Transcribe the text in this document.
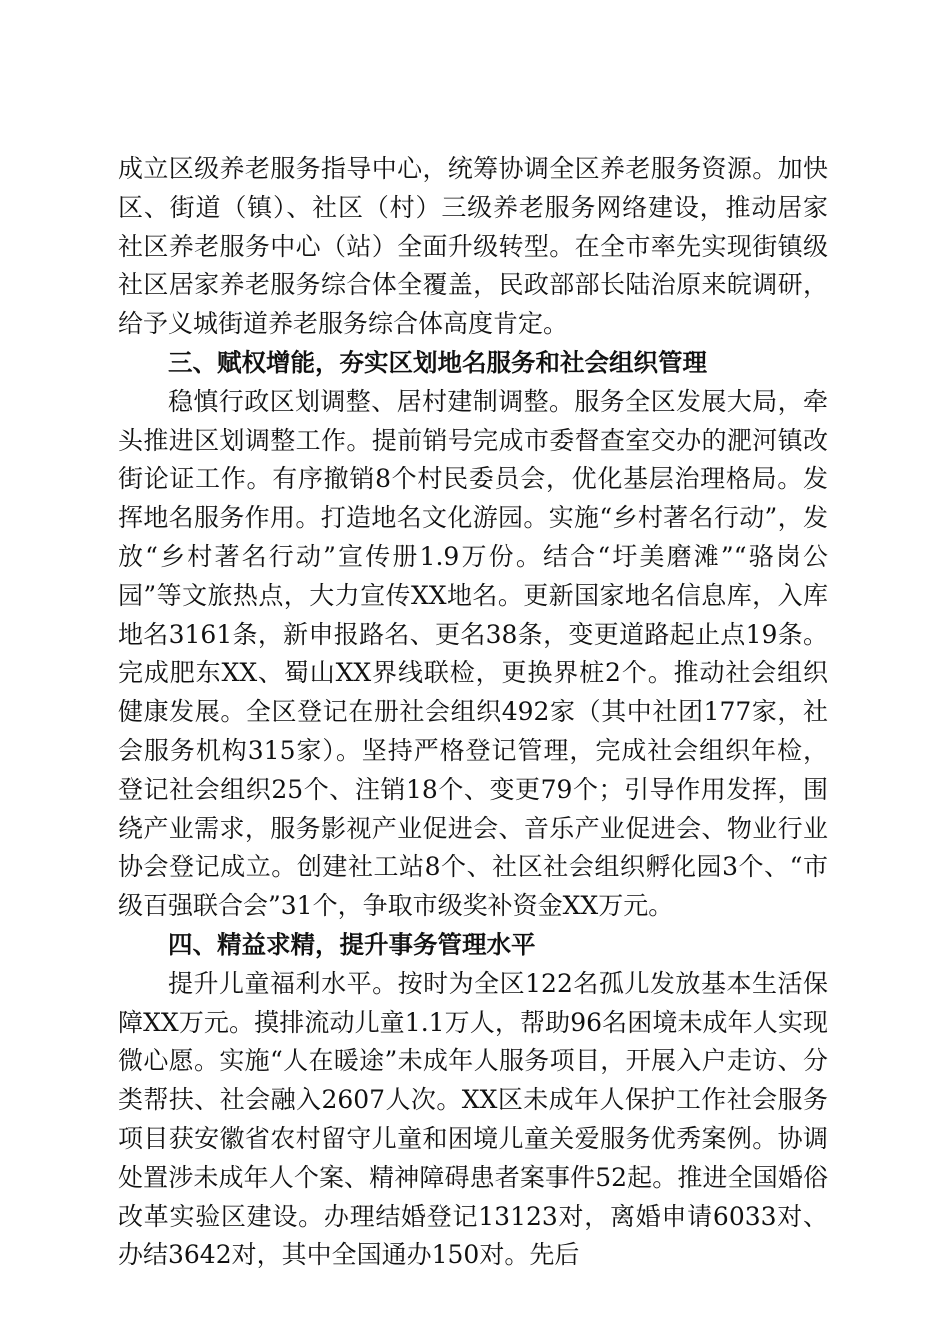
成立区级养老服务指导中心，统筹协调全区养老服务资源。加快区、街道（镇）、社区（村）三级养老服务网络建设，推动居家社区养老服务中心（站）全面升级转型。在全市率先实现街镇级社区居家养老服务综合体全覆盖，民政部部长陆治原来皖调研，给予义城街道养老服务综合体高度肯定。

三、赋权增能，夯实区划地名服务和社会组织管理

稳慎行政区划调整、居村建制调整。服务全区发展大局，牵头推进区划调整工作。提前销号完成市委督查室交办的淝河镇改街论证工作。有序撤销8个村民委员会，优化基层治理格局。发挥地名服务作用。打造地名文化游园。实施“乡村著名行动”，发放“乡村著名行动”宣传册1.9万份。结合“圩美磨滩”“骆岗公园”等文旅热点，大力宣传XX地名。更新国家地名信息库，入库地名3161条，新申报路名、更名38条，变更道路起止点19条。完成肥东XX、蜀山XX界线联检，更换界桩2个。推动社会组织健康发展。全区登记在册社会组织492家（其中社团177家，社会服务机构315家）。坚持严格登记管理，完成社会组织年检，登记社会组织25个、注销18个、变更79个；引导作用发挥，围绕产业需求，服务影视产业促进会、音乐产业促进会、物业行业协会登记成立。创建社工站8个、社区社会组织孵化园3个、“市级百强联合会”31个，争取市级奖补资金XX万元。

四、精益求精，提升事务管理水平

提升儿童福利水平。按时为全区122名孤儿发放基本生活保障XX万元。摸排流动儿童1.1万人，帮助96名困境未成年人实现微心愿。实施“人在暖途”未成年人服务项目，开展入户走访、分类帮扶、社会融入2607人次。XX区未成年人保护工作社会服务项目获安徽省农村留守儿童和困境儿童关爱服务优秀案例。协调处置涉未成年人个案、精神障碍患者案事件52起。推进全国婚俗改革实验区建设。办理结婚登记13123对，离婚申请6033对、办结3642对，其中全国通办150对。先后
